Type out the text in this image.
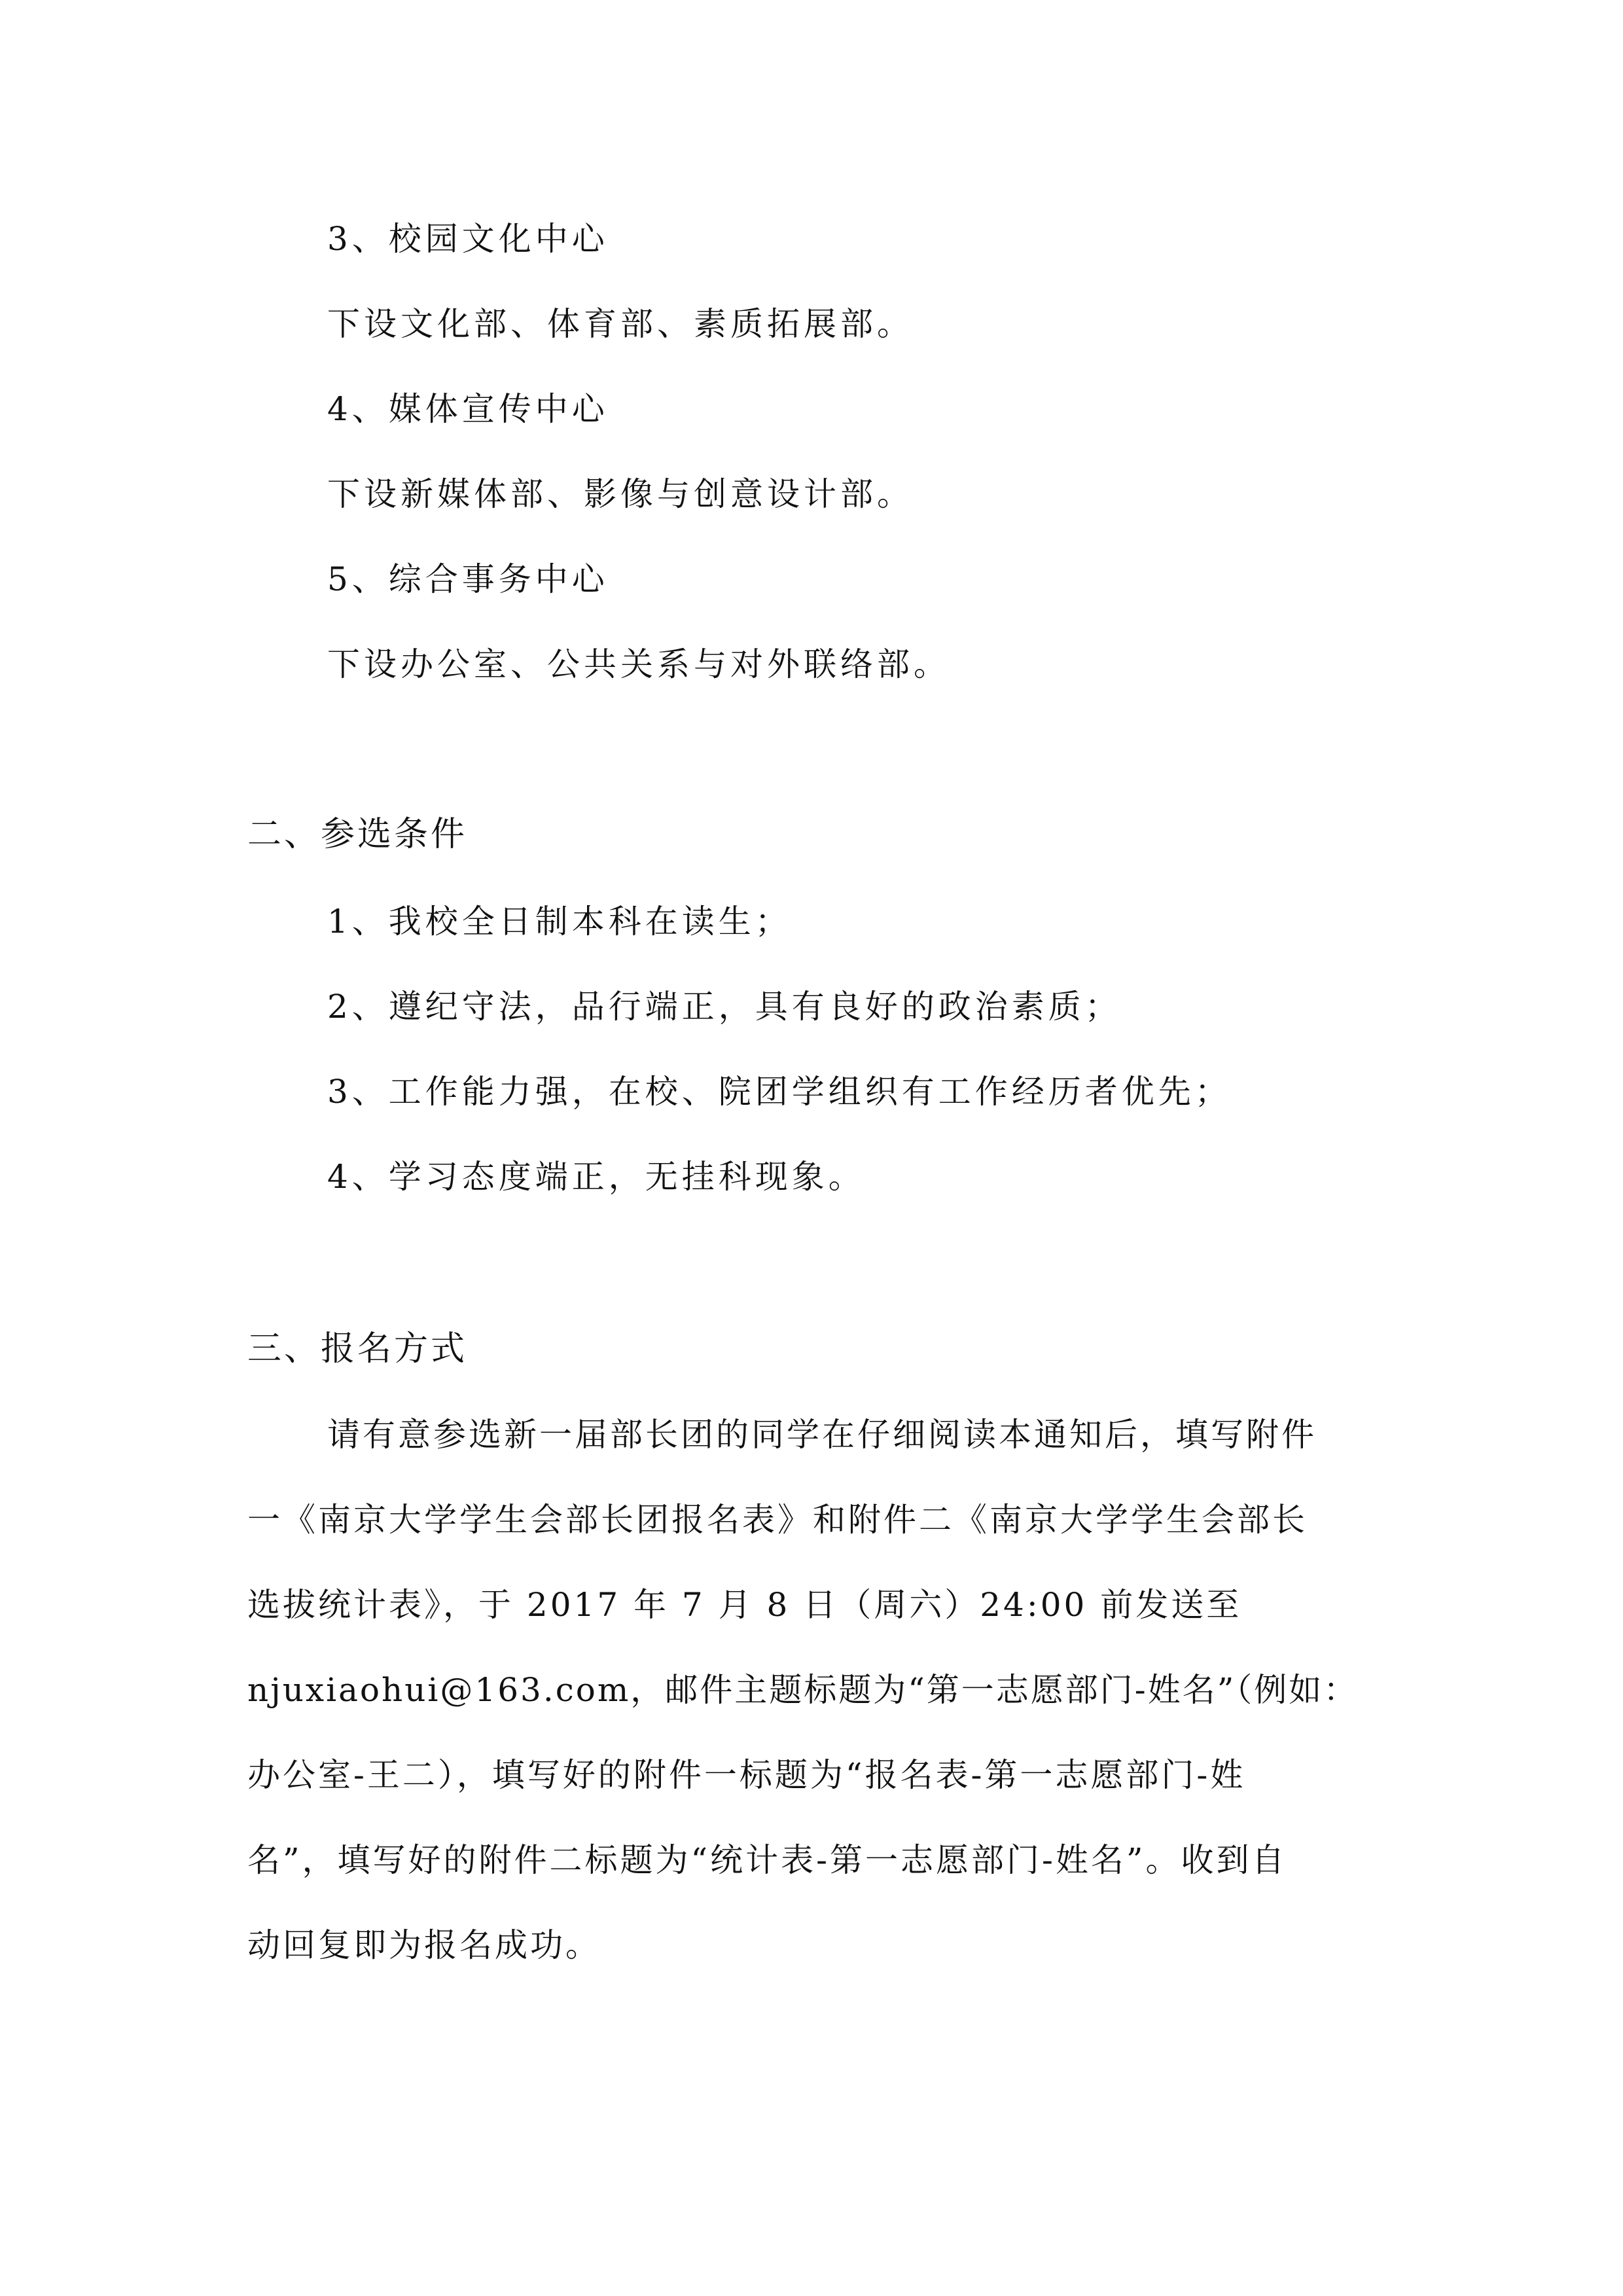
3、校园文化中心
下设文化部、体育部、素质拓展部。
4、媒体宣传中心
下设新媒体部、影像与创意设计部。
5、综合事务中心
下设办公室、公共关系与对外联络部。
二、参选条件
1、我校全日制本科在读生；
2、遵纪守法，品行端正，具有良好的政治素质；
3、工作能力强，在校、院团学组织有工作经历者优先；
4、学习态度端正，无挂科现象。
三、报名方式
请有意参选新一届部长团的同学在仔细阅读本通知后，填写附件
一《南京大学学生会部长团报名表》和附件二《南京大学学生会部长
选拔统计表》，于 2017 年 7 月 8 日（周六）24:00 前发送至
njuxiaohui@163.com，邮件主题标题为“第一志愿部门-姓名”（例如：
办公室-王二），填写好的附件一标题为“报名表-第一志愿部门-姓
名”，填写好的附件二标题为“统计表-第一志愿部门-姓名”。收到自
动回复即为报名成功。
